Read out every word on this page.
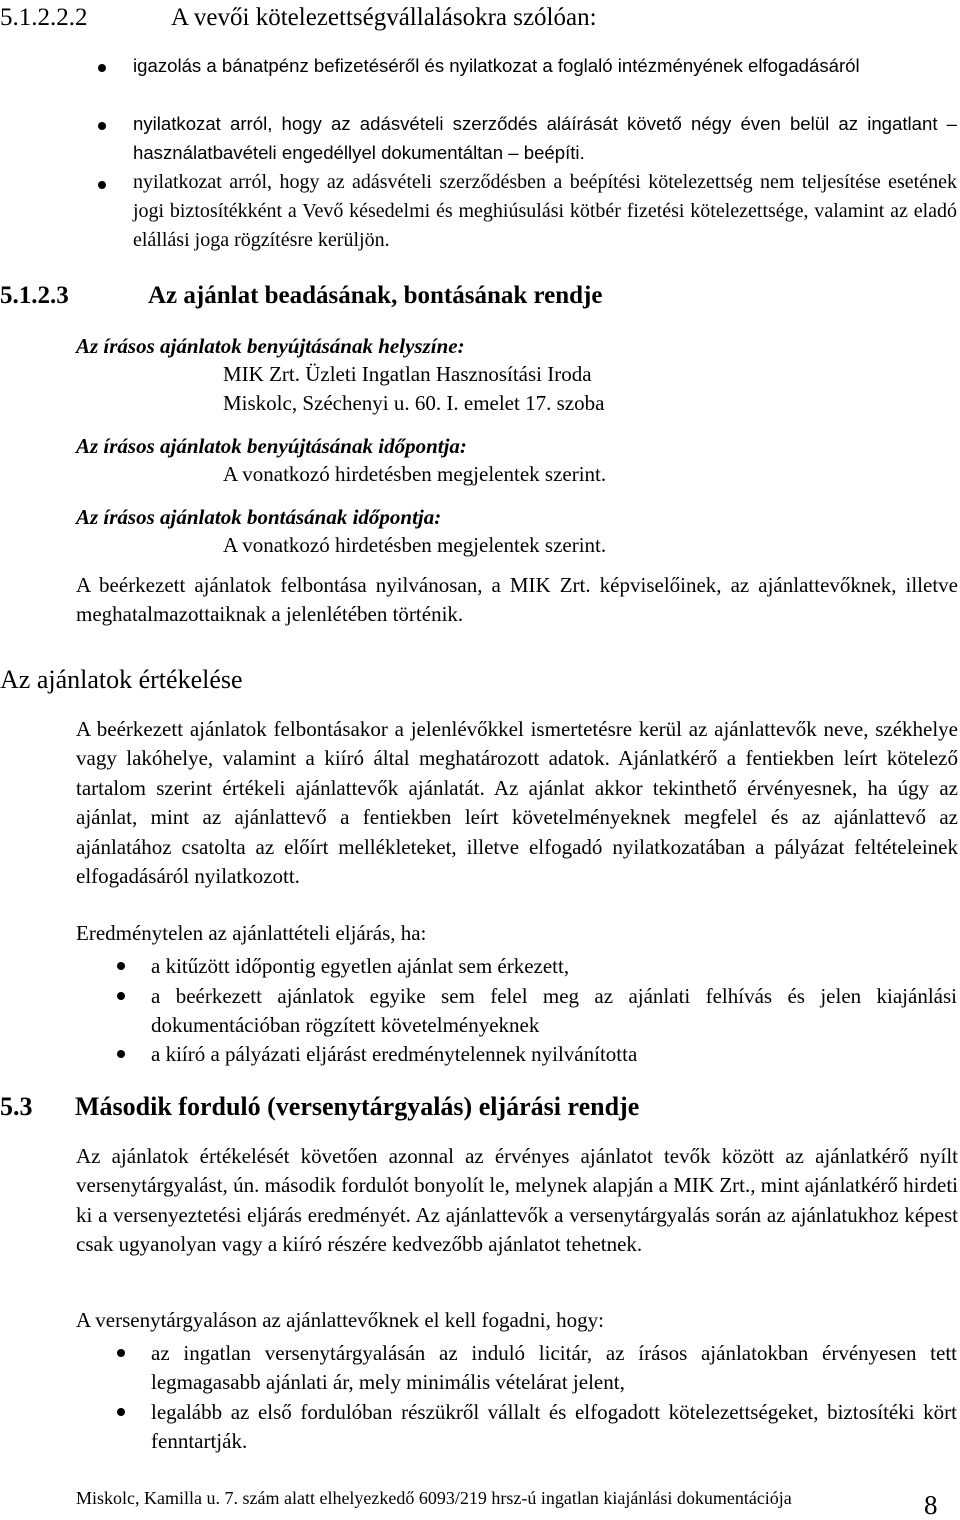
5.1.2.2.2	A vevői kötelezettségvállalásokra szólóan:
igazolás a bánatpénz befizetéséről és nyilatkozat a foglaló intézményének elfogadásáról
nyilatkozat arról, hogy az adásvételi szerződés aláírását követő négy éven belül az ingatlant – használatbavételi engedéllyel dokumentáltan – beépíti.
nyilatkozat arról, hogy az adásvételi szerződésben a beépítési kötelezettség nem teljesítése esetének jogi biztosítékként a Vevő késedelmi és meghiúsulási kötbér fizetési kötelezettsége, valamint az eladó elállási joga rögzítésre kerüljön.
5.1.2.3	Az ajánlat beadásának, bontásának rendje
Az írásos ajánlatok benyújtásának helyszíne:
MIK Zrt. Üzleti Ingatlan Hasznosítási Iroda
Miskolc, Széchenyi u. 60. I. emelet 17. szoba
Az írásos ajánlatok benyújtásának időpontja:
A vonatkozó hirdetésben megjelentek szerint.
Az írásos ajánlatok bontásának időpontja:
A vonatkozó hirdetésben megjelentek szerint.
A beérkezett ajánlatok felbontása nyilvánosan, a MIK Zrt. képviselőinek, az ajánlattevőknek, illetve meghatalmazottaiknak a jelenlétében történik.
Az ajánlatok értékelése
A beérkezett ajánlatok felbontásakor a jelenlévőkkel ismertetésre kerül az ajánlattevők neve, székhelye vagy lakóhelye, valamint a kiíró által meghatározott adatok. Ajánlatkérő a fentiekben leírt kötelező tartalom szerint értékeli ajánlattevők ajánlatát. Az ajánlat akkor tekinthető érvényesnek, ha úgy az ajánlat, mint az ajánlattevő a fentiekben leírt követelményeknek megfelel és az ajánlattevő az ajánlatához csatolta az előírt mellékleteket, illetve elfogadó nyilatkozatában a pályázat feltételeinek elfogadásáról nyilatkozott.
Eredménytelen az ajánlattételi eljárás, ha:
a kitűzött időpontig egyetlen ajánlat sem érkezett,
a beérkezett ajánlatok egyike sem felel meg az ajánlati felhívás és jelen kiajánlási dokumentációban rögzített követelményeknek
a kiíró a pályázati eljárást eredménytelennek nyilvánította
5.3 Második forduló (versenytárgyalás) eljárási rendje
Az ajánlatok értékelését követően azonnal az érvényes ajánlatot tevők között az ajánlatkérő nyílt versenytárgyalást, ún. második fordulót bonyolít le, melynek alapján a MIK Zrt., mint ajánlatkérő hirdeti ki a versenyeztetési eljárás eredményét. Az ajánlattevők a versenytárgyalás során az ajánlatukhoz képest csak ugyanolyan vagy a kiíró részére kedvezőbb ajánlatot tehetnek.
A versenytárgyaláson az ajánlattevőknek el kell fogadni, hogy:
az ingatlan versenytárgyalásán az induló licitár, az írásos ajánlatokban érvényesen tett legmagasabb ajánlati ár, mely minimális vételárat jelent,
legalább az első fordulóban részükről vállalt és elfogadott kötelezettségeket, biztosítéki kört fenntartják.
Miskolc, Kamilla u. 7. szám alatt elhelyezkedő 6093/219 hrsz-ú ingatlan kiajánlási dokumentációja	8
